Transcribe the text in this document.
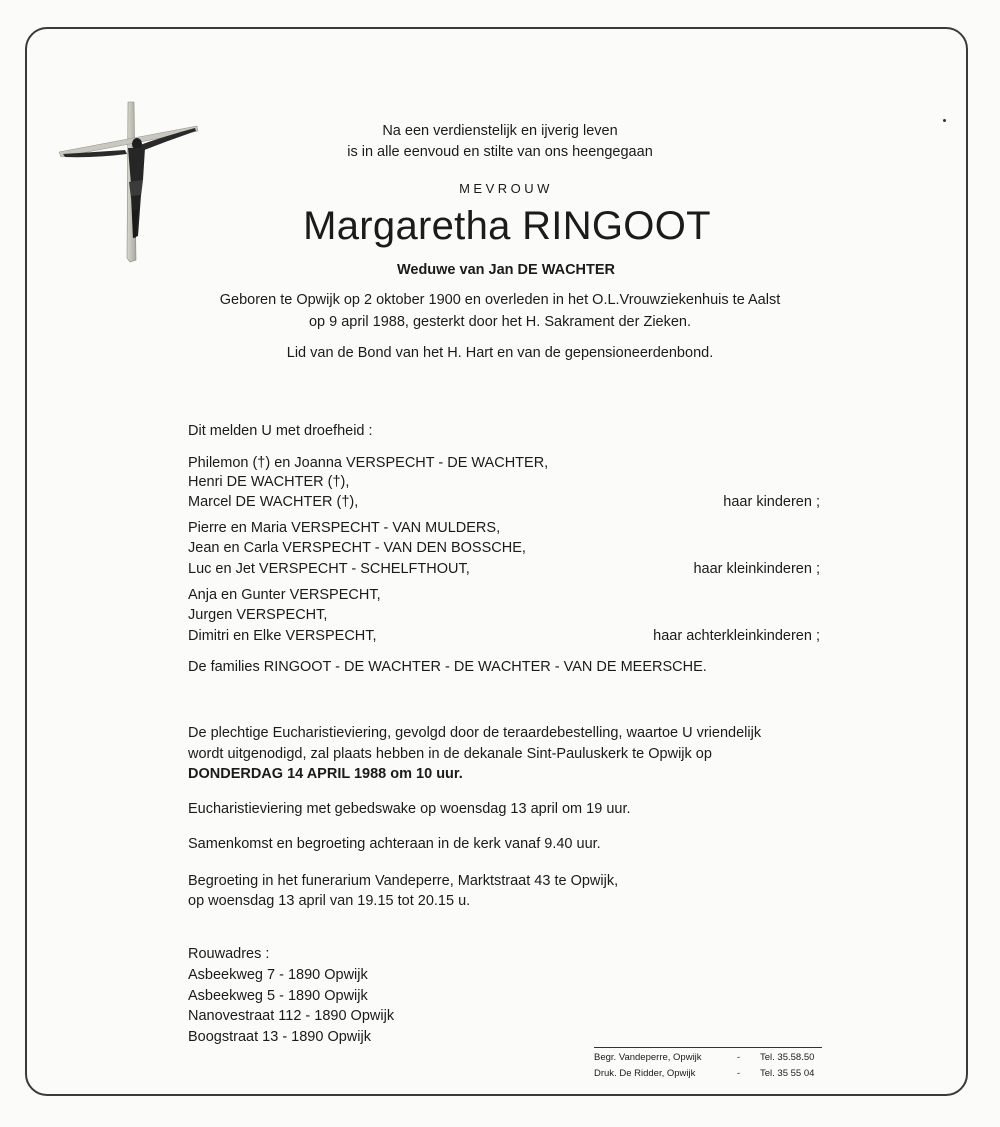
Na een verdienstelijk en ijverig leven
is in alle eenvoud en stilte van ons heengegaan
MEVROUW
Margaretha RINGOOT
Weduwe van Jan DE WACHTER
Geboren te Opwijk op 2 oktober 1900 en overleden in het O.L.Vrouwziekenhuis te Aalst
op 9 april 1988, gesterkt door het H. Sakrament der Zieken.
Lid van de Bond van het H. Hart en van de gepensioneerdenbond.
Dit melden U met droefheid :
Philemon (†) en Joanna VERSPECHT - DE WACHTER,
Henri DE WACHTER (†),
Marcel DE WACHTER (†),	haar kinderen ;
Pierre en Maria VERSPECHT - VAN MULDERS,
Jean en Carla VERSPECHT - VAN DEN BOSSCHE,
Luc en Jet VERSPECHT - SCHELFTHOUT,	haar kleinkinderen ;
Anja en Gunter VERSPECHT,
Jurgen VERSPECHT,
Dimitri en Elke VERSPECHT,	haar achterkleinkinderen ;
De families RINGOOT - DE WACHTER - DE WACHTER - VAN DE MEERSCHE.
De plechtige Eucharistieviering, gevolgd door de teraardebestelling, waartoe U vriendelijk
wordt uitgenodigd, zal plaats hebben in de dekanale Sint-Pauluskerk te Opwijk op
DONDERDAG 14 APRIL 1988 om 10 uur.
Eucharistieviering met gebedswake op woensdag 13 april om 19 uur.
Samenkomst en begroeting achteraan in de kerk vanaf 9.40 uur.
Begroeting in het funerarium Vandeperre, Marktstraat 43 te Opwijk,
op woensdag 13 april van 19.15 tot 20.15 u.
Rouwadres :
Asbeekweg 7 - 1890 Opwijk
Asbeekweg 5 - 1890 Opwijk
Nanovestraat 112 - 1890 Opwijk
Boogstraat 13 - 1890 Opwijk
Begr. Vandeperre, Opwijk	- Tel. 35.58.50
Druk. De Ridder, Opwijk	- Tel. 35 55 04
